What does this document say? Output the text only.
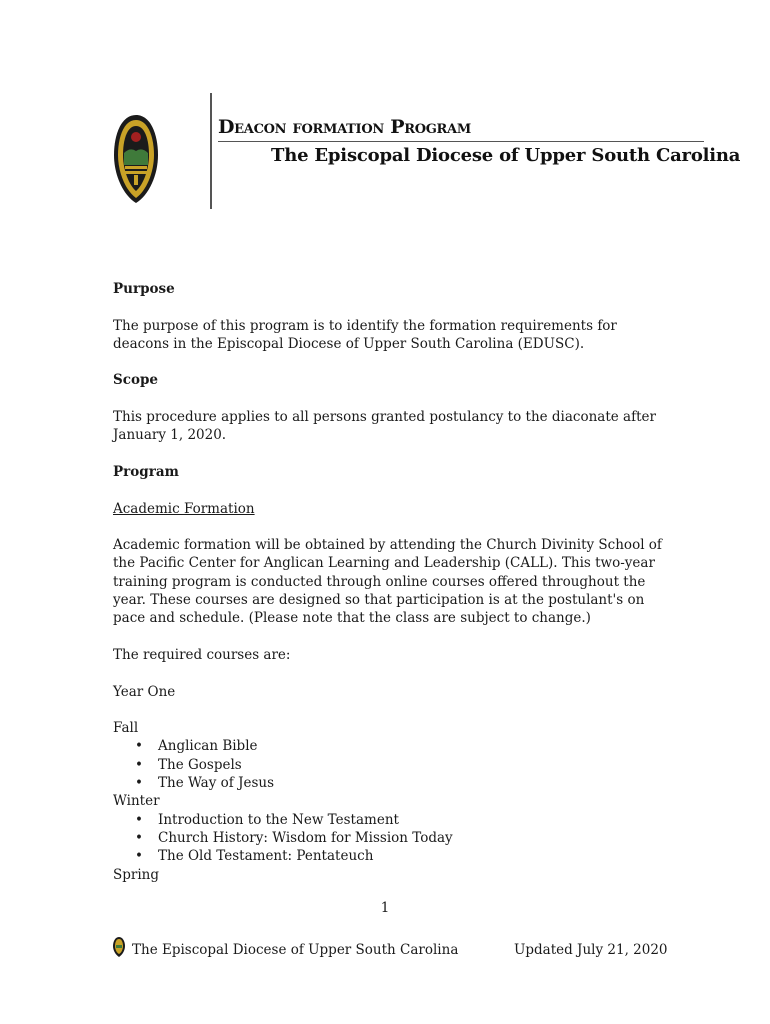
Deacon formation Program
The Episcopal Diocese of Upper South Carolina

Purpose

The purpose of this program is to identify the formation requirements for deacons in the Episcopal Diocese of Upper South Carolina (EDUSC).

Scope

This procedure applies to all persons granted postulancy to the diaconate after January 1, 2020.

Program

Academic Formation

Academic formation will be obtained by attending the Church Divinity School of the Pacific Center for Anglican Learning and Leadership (CALL). This two-year training program is conducted through online courses offered throughout the year. These courses are designed so that participation is at the postulant's on pace and schedule. (Please note that the class are subject to change.)

The required courses are:

Year One

Fall

• Anglican Bible
• The Gospels
• The Way of Jesus

Winter

• Introduction to the New Testament
• Church History: Wisdom for Mission Today
• The Old Testament: Pentateuch

Spring

1
The Episcopal Diocese of Upper South Carolina	Updated July 21, 2020
